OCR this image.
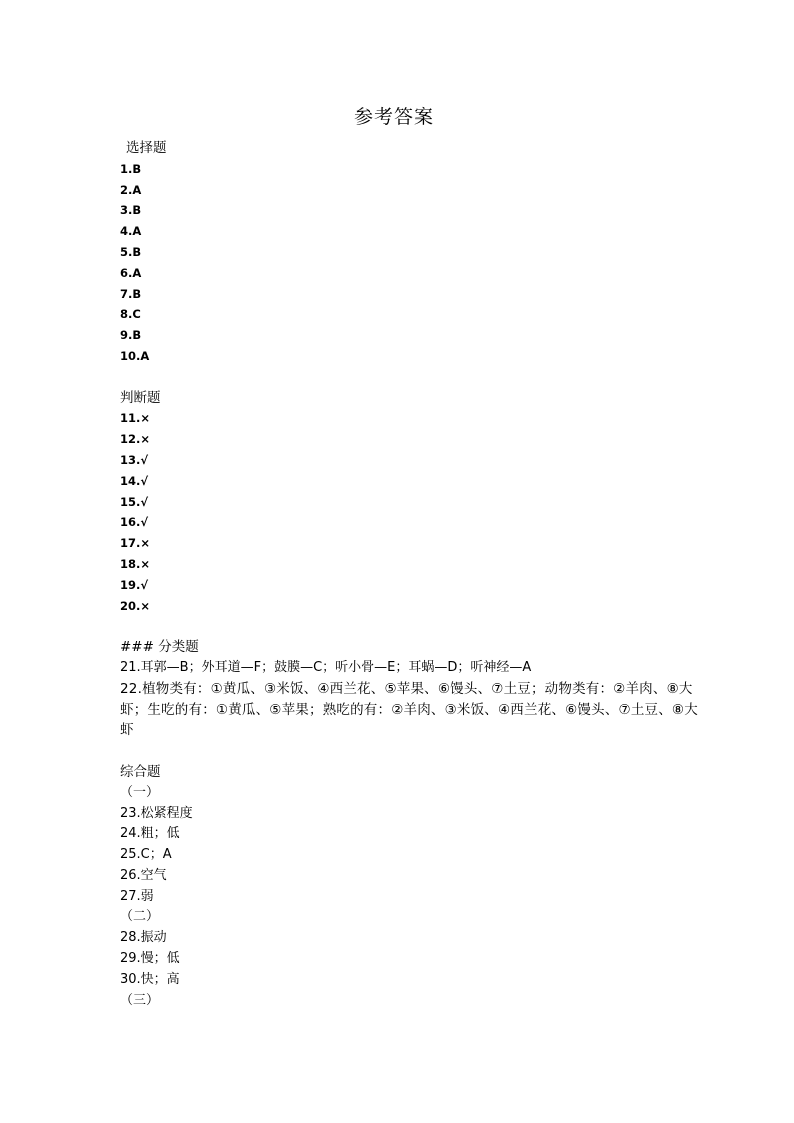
参考答案
选择题
1.B
2.A
3.B
4.A
5.B
6.A
7.B
8.C
9.B
10.A
判断题
11.×
12.×
13.√
14.√
15.√
16.√
17.×
18.×
19.√
20.×
### 分类题
21.耳郭—B；外耳道—F；鼓膜—C；听小骨—E；耳蜗—D；听神经—A
22.植物类有：①黄瓜、③米饭、④西兰花、⑤苹果、⑥馒头、⑦土豆；动物类有：②羊肉、⑧大虾；生吃的有：①黄瓜、⑤苹果；熟吃的有：②羊肉、③米饭、④西兰花、⑥馒头、⑦土豆、⑧大虾
综合题
（一）
23.松紧程度
24.粗；低
25.C；A
26.空气
27.弱
（二）
28.振动
29.慢；低
30.快；高
（三）
